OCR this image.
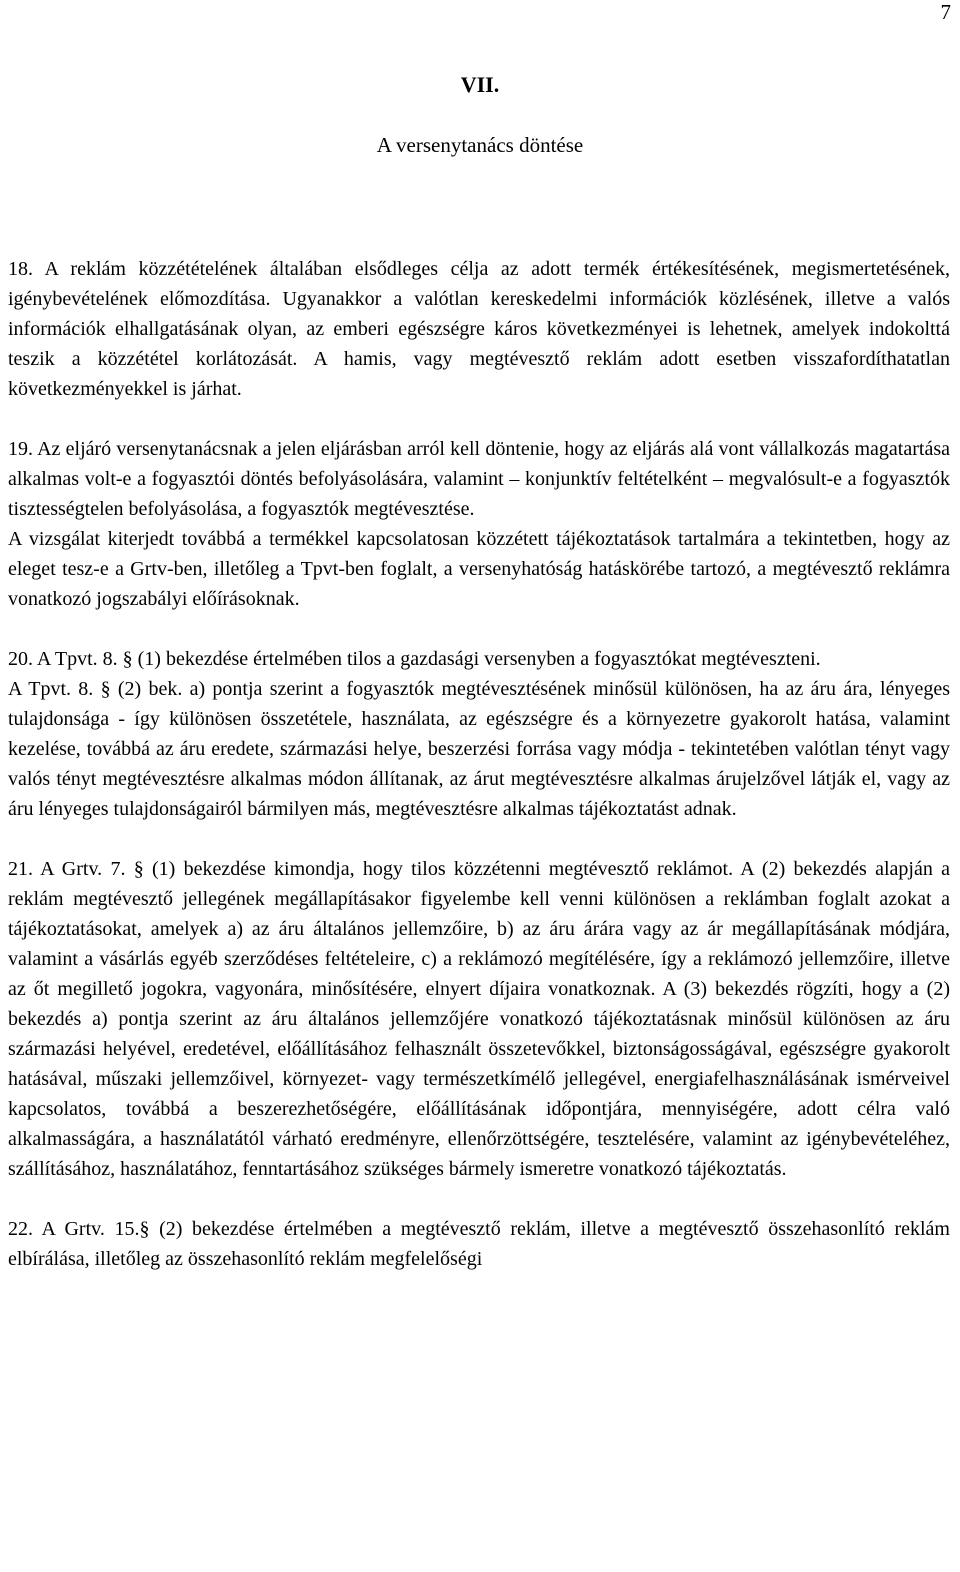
7
VII.
A versenytanács döntése

18. A reklám közzétételének általában elsődleges célja az adott termék értékesítésének, megismertetésének, igénybevételének előmozdítása. Ugyanakkor a valótlan kereskedelmi információk közlésének, illetve a valós információk elhallgatásának olyan, az emberi egészségre káros következményei is lehetnek, amelyek indokolttá teszik a közzététel korlátozását. A hamis, vagy megtévesztő reklám adott esetben visszafordíthatatlan következményekkel is járhat.

19. Az eljáró versenytanácsnak a jelen eljárásban arról kell döntenie, hogy az eljárás alá vont vállalkozás magatartása alkalmas volt-e a fogyasztói döntés befolyásolására, valamint – konjunktív feltételként – megvalósult-e a fogyasztók tisztességtelen befolyásolása, a fogyasztók megtévesztése.

A vizsgálat kiterjedt továbbá a termékkel kapcsolatosan közzétett tájékoztatások tartalmára a tekintetben, hogy az eleget tesz-e a Grtv-ben, illetőleg a Tpvt-ben foglalt, a versenyhatóság hatáskörébe tartozó, a megtévesztő reklámra vonatkozó jogszabályi előírásoknak.

20. A Tpvt. 8. § (1) bekezdése értelmében tilos a gazdasági versenyben a fogyasztókat megtéveszteni.

A Tpvt. 8. § (2) bek. a) pontja szerint a fogyasztók megtévesztésének minősül különösen, ha az áru ára, lényeges tulajdonsága - így különösen összetétele, használata, az egészségre és a környezetre gyakorolt hatása, valamint kezelése, továbbá az áru eredete, származási helye, beszerzési forrása vagy módja - tekintetében valótlan tényt vagy valós tényt megtévesztésre alkalmas módon állítanak, az árut megtévesztésre alkalmas árujelzővel látják el, vagy az áru lényeges tulajdonságairól bármilyen más, megtévesztésre alkalmas tájékoztatást adnak.

21. A Grtv. 7. § (1) bekezdése kimondja, hogy tilos közzétenni megtévesztő reklámot. A (2) bekezdés alapján a reklám megtévesztő jellegének megállapításakor figyelembe kell venni különösen a reklámban foglalt azokat a tájékoztatásokat, amelyek a) az áru általános jellemzőire, b) az áru árára vagy az ár megállapításának módjára, valamint a vásárlás egyéb szerződéses feltételeire, c) a reklámozó megítélésére, így a reklámozó jellemzőire, illetve az őt megillető jogokra, vagyonára, minősítésére, elnyert díjaira vonatkoznak. A (3) bekezdés rögzíti, hogy a (2) bekezdés a) pontja szerint az áru általános jellemzőjére vonatkozó tájékoztatásnak minősül különösen az áru származási helyével, eredetével, előállításához felhasznált összetevőkkel, biztonságosságával, egészségre gyakorolt hatásával, műszaki jellemzőivel, környezet- vagy természetkímélő jellegével, energiafelhasználásának ismérveivel kapcsolatos, továbbá a beszerezhetőségére, előállításának időpontjára, mennyiségére, adott célra való alkalmasságára, a használatától várható eredményre, ellenőrzöttségére, tesztelésére, valamint az igénybevételéhez, szállításához, használatához, fenntartásához szükséges bármely ismeretre vonatkozó tájékoztatás.

22. A Grtv. 15.§ (2) bekezdése értelmében a megtévesztő reklám, illetve a megtévesztő összehasonlító reklám elbírálása, illetőleg az összehasonlító reklám megfelelőségi
